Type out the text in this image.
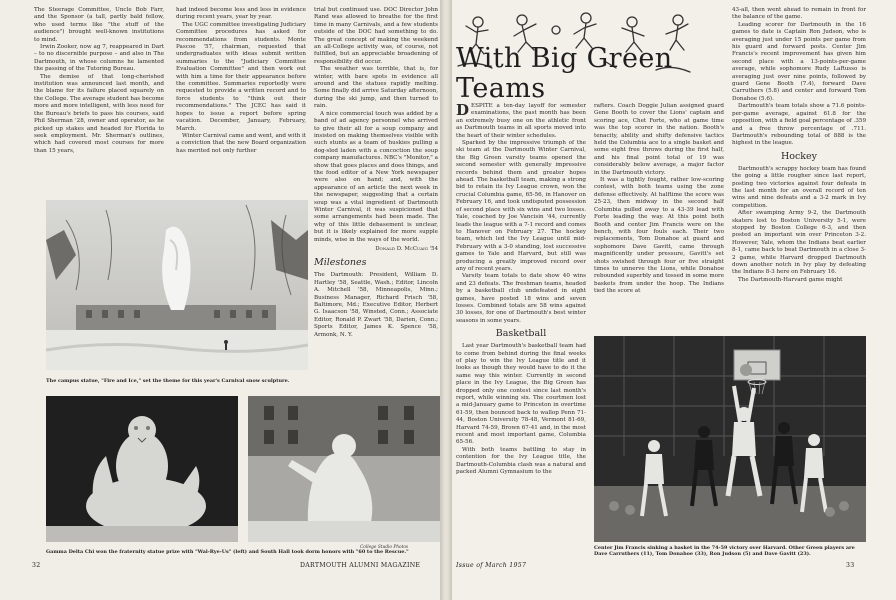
The Steerage Committee, Uncle Bob Farr, and the Sponsor (a tall, partly bald fellow, who used terms like "the stuff of the audience") brought well-known institutions to mind.

Irwin Zooker, now ag 7, reappeared in Dart – to no discernible purpose – and also in The Dartmouth, in whose columns he lamented the passing of the Tutoring Bureau.

The demise of that long-cherished institution was announced last month, and the blame for its failure placed squarely on the College. The average student has become more and more intelligent, with less need for the Bureau's briefs to pass his courses, said Phil Sherman '28, owner and operator, as he picked up stakes and headed for Florida to seek employment. Mr. Sherman's outlines, which had covered most courses for more than 15 years,

had indeed become less and less in evidence during recent years, year by year.

The UGC committee investigating Judiciary Committee procedures has asked for recommendations from students. Monte Pascoe '57, chairman, requested that undergraduates with ideas submit written summaries to the "Judiciary Committee Evaluation Committee" and then work out with him a time for their appearance before the committee. Summaries reportedly were requested to provide a written record and to force students to "think out their recommendations." The JCEC has said it hopes to issue a report before spring vacation. December, January, February, March.

Winter Carnival came and went, and with it a conviction that the new Board organization has merited not only further

trial but continued use. DOC Director John Rand was allowed to breathe for the first time in many Carnivals, and a few students outside of the DOC had something to do. The great concept of making the weekend an all-College activity was, of course, not fulfilled, but an appreciable broadening of responsibility did occur.

The weather was terrible, that is, for winter, with bare spots in evidence all around and the statues rapidly melting. Some finally did arrive Saturday afternoon, during the ski jump, and then turned to rain.

A nice commercial touch was added by a band of ad agency personnel who arrived to give their all for a soup company and insisted on making themselves visible with such stunts as a team of huskies pulling a dog-sled laden with a concoction the soup company manufactures. NBC's "Monitor," a show that goes places and does things, and the food editor of a New York newspaper were also on hand; and, with the appearance of an article the next week in the newspaper, suggesting that a certain soup was a vital ingredient of Dartmouth Winter Carnival, it was suspicioned that some arrangements had been made. The why of this little debasement is unclear, but it is likely explained for more supple minds, wise in the ways of the world.

Donald D. McCuaig '54
Milestones

The Dartmouth: President, William D. Hartley '58, Seattle, Wash.; Editor, Lincoln A. Mitchell '58, Minneapolis, Minn.; Business Manager, Richard Frisch '58, Baltimore, Md.; Executive Editor, Herbert G. Isaacson '58, Winsted, Conn.; Associate Editor, Ronald P. Zwart '58, Darien, Conn.; Sports Editor, James K. Spence '58, Armonk, N. Y.

The campus statue, "Fire and Ice," set the theme for this year's Carnival snow sculpture.
College Studio Photos
Gamma Delta Chi won the fraternity statue prize with "Wal-Rye-Us" (left) and South Hall took dorm honors with "60 to the Rescue."
32	DARTMOUTH ALUMNI MAGAZINE
With Big Green Teams

DESPITE a ten-day layoff for semester examinations, the past month has been an extremely busy one on the athletic front as Dartmouth teams in all sports moved into the heart of their winter schedules.

Sparked by the impressive triumph of the ski team at the Dartmouth Winter Carnival, the Big Green varsity teams opened the second semester with generally impressive records behind them and greater hopes ahead. The basketball team, making a strong bid to retain its Ivy League crown, won the crucial Columbia game, 65-56, in Hanover on February 16, and took undisputed possession of second place with six wins and two losses. Yale, coached by Joe Vancisin '44, currently leads the league with a 7-1 record and comes to Hanover on February 27. The hockey team, which led the Ivy League until mid-February with a 3-0 standing, lost successive games to Yale and Harvard, but still was producing a greatly improved record over any of recent years.

Varsity team totals to date show 40 wins and 23 defeats. The freshman teams, headed by a basketball club undefeated in eight games, have posted 18 wins and seven losses. Combined totals are 58 wins against 30 losses, for one of Dartmouth's best winter seasons in some years.

Basketball

Last year Dartmouth's basketball team had to come from behind during the final weeks of play to win the Ivy League title and it looks as though they would have to do it the same way this winter. Currently in second place in the Ivy League, the Big Green has dropped only one contest since last month's report, while winning six. The courtmen lost a mid-January game to Princeton in overtime 61-59, then bounced back to wallop Penn 71-44, Boston University 78-48, Vermont 81-69, Harvard 74-59, Brown 67-41 and, in the most recent and most important game, Columbia 65-56.

With both teams battling to stay in contention for the Ivy League title, the Dartmouth-Columbia clash was a natural and packed Alumni Gymnasium to the

rafters. Coach Doggie Julian assigned guard Gene Booth to cover the Lions' captain and scoring ace, Chet Forte, who at game time was the top scorer in the nation. Booth's tenacity, ability and shifty defensive tactics held the Columbia ace to a single basket and some eight free throws during the first half, and his final point total of 19 was considerably below average, a major factor in the Dartmouth victory.

It was a tightly fought, rather low-scoring contest, with both teams using the zone defense effectively. At halftime the score was 25-23, then midway in the second half Columbia pulled away to a 43-39 lead with Forte leading the way. At this point both Booth and center Jim Francis were on the bench, with four fouls each. Their two replacements, Tom Donahoe at guard and sophomore Dave Gavitt, came through magnificently under pressure, Gavitt's set shots swished through four or five straight times to unnerve the Lions, while Donahoe rebounded superbly and tossed in some more baskets from under the hoop. The Indians tied the score at

43-all, then went ahead to remain in front for the balance of the game.

Leading scorer for Dartmouth in the 16 games to date is Captain Ron Judson, who is averaging just under 15 points per game from his guard and forward posts. Center Jim Francis's recent improvement has given him second place with a 13-points-per-game average, while sophomore Rudy LaRusso is averaging just over nine points, followed by guard Gene Booth (7.4), forward Dave Carruthers (5.8) and center and forward Tom Donahoe (5.6).

Dartmouth's team totals show a 71.6 points-per-game average, against 61.8 for the opposition, with a field goal percentage of .359 and a free throw percentage of .711. Dartmouth's rebounding total of 888 is the highest in the league.

Hockey

Dartmouth's scrappy hockey team has found the going a little rougher since last report, posting two victories against four defeats in the last month for an overall record of ten wins and nine defeats and a 3-2 mark in Ivy competition.

After swamping Army 9-2, the Dartmouth skaters lost to Boston University 5-1, were stopped by Boston College 6-3, and then posted an important win over Princeton 3-2. However, Yale, whom the Indians beat earlier 8-1, came back to beat Dartmouth in a close 3-2 game, while Harvard dropped Dartmouth down another notch in Ivy play by defeating the Indians 8-3 here on February 16.

The Dartmouth-Harvard game might

Center Jim Francis sinking a basket in the 74-59 victory over Harvard. Other Green players are Dave Carruthers (11), Tom Donahoe (33), Ron Judson (5) and Dave Gavitt (23).
Issue of March 1957	33
